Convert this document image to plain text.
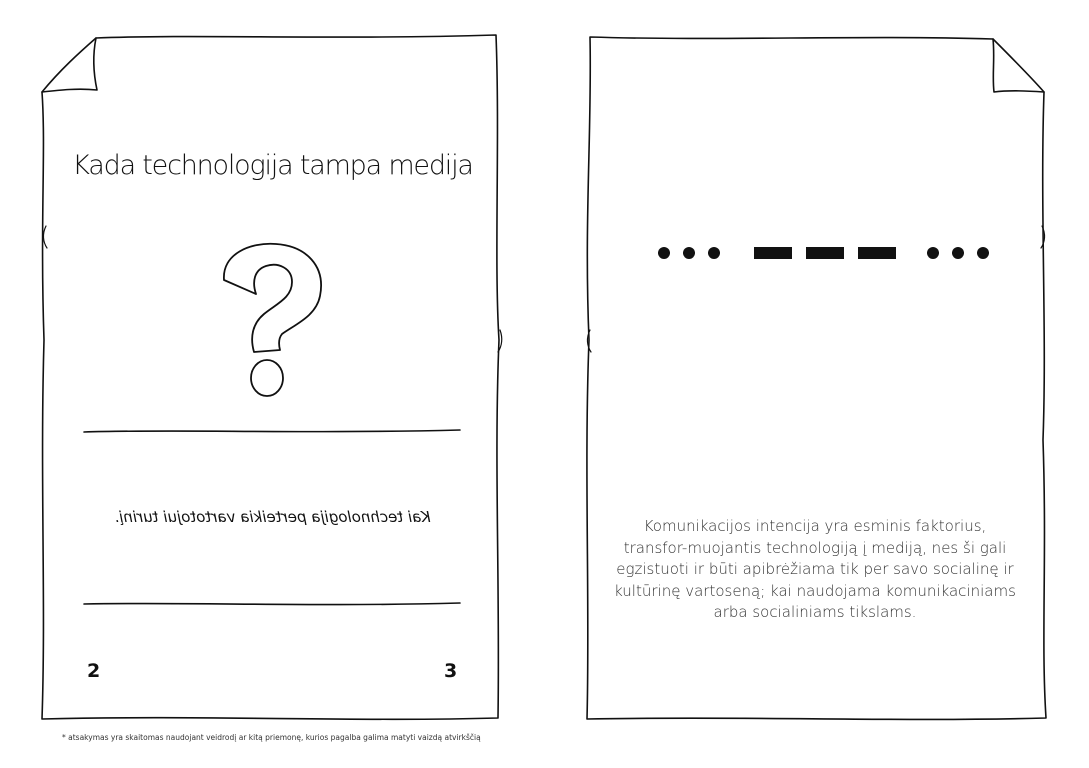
Kada technologija tampa medija
Kai technologija perteikia vartotojui turinį.
2	3
Komunikacijos intencija yra esminis faktorius, transfor-muojantis technologiją į mediją, nes ši gali egzistuoti ir būti apibrėžiama tik per savo socialinę ir kultūrinę vartoseną; kai naudojama komunikaciniams arba socialiniams tikslams.
* atsakymas yra skaitomas naudojant veidrodį ar kitą priemonę, kurios pagalba galima matyti vaizdą atvirkščią
